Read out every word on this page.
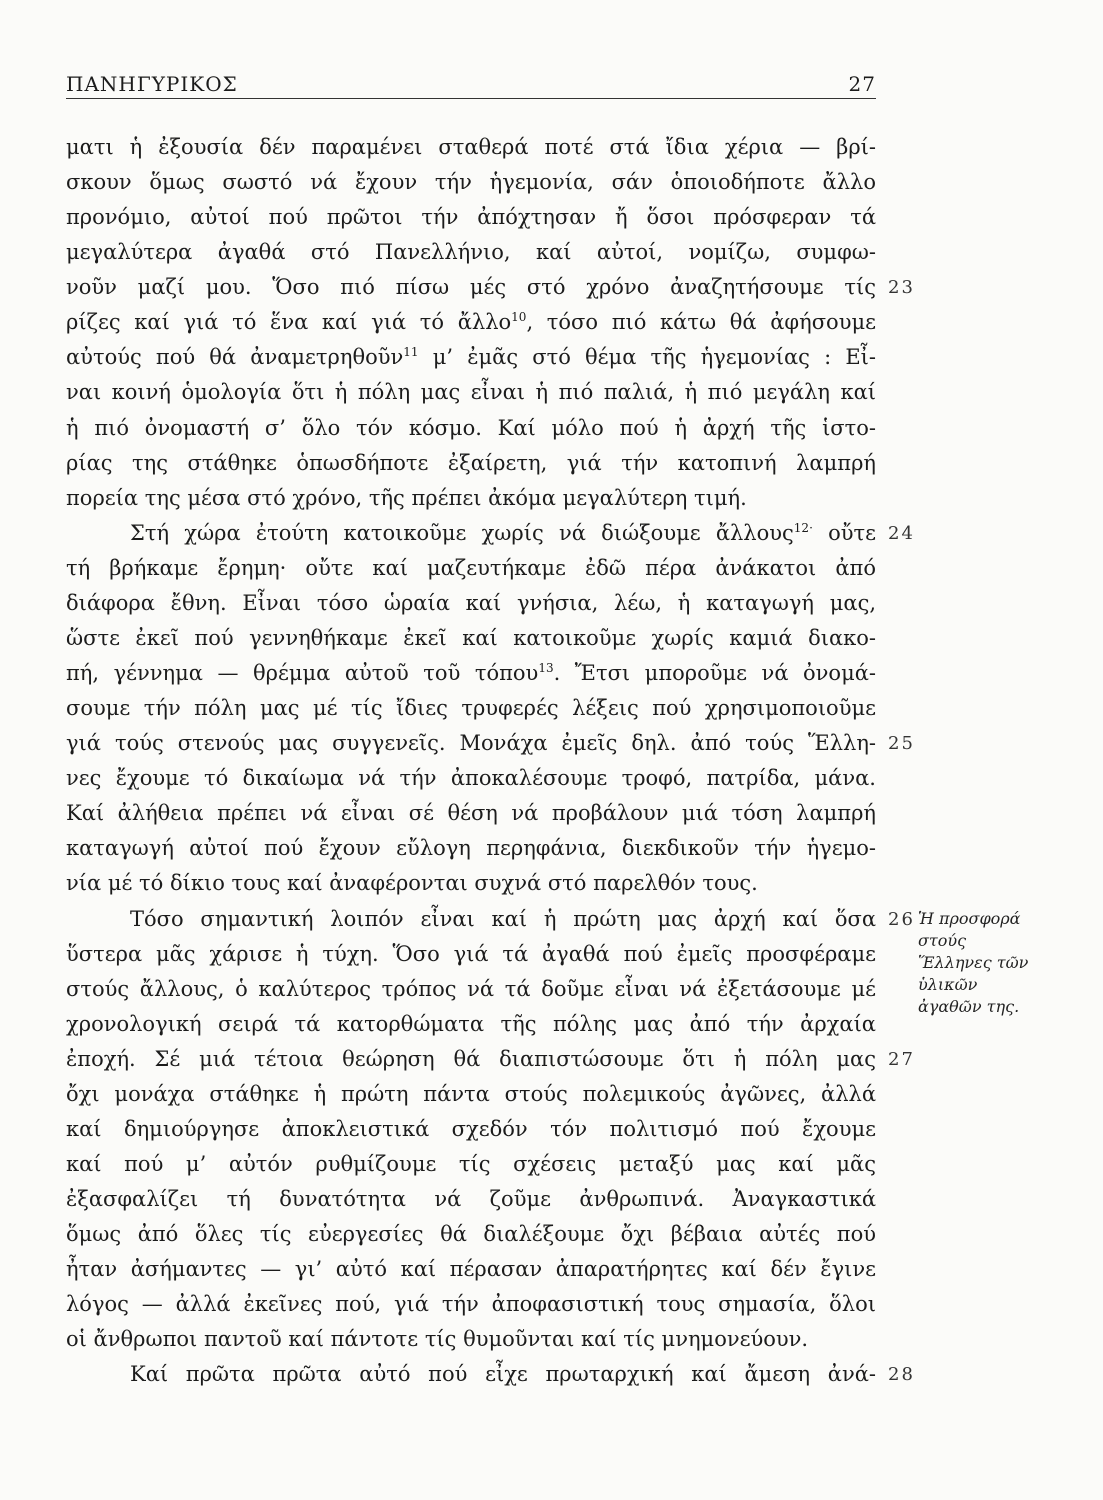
ΠΑΝΗΓΥΡΙΚΟΣ	27
ματι ἡ ἐξουσία δέν παραμένει σταθερά ποτέ στά ἴδια χέρια — βρί-
σκουν ὅμως σωστό νά ἔχουν τήν ἡγεμονία, σάν ὁποιοδήποτε ἄλλο
προνόμιο, αὐτοί πού πρῶτοι τήν ἀπόχτησαν ἤ ὅσοι πρόσφεραν τά
μεγαλύτερα ἀγαθά στό Πανελλήνιο, καί αὐτοί, νομίζω, συμφω-
νοῦν μαζί μου. Ὅσο πιό πίσω μές στό χρόνο ἀναζητήσουμε τίς
ρίζες καί γιά τό ἕνα καί γιά τό ἄλλο$^{10}$, τόσο πιό κάτω θά ἀφήσουμε
αὐτούς πού θά ἀναμετρηθοῦν$^{11}$ μ’ ἐμᾶς στό θέμα τῆς ἡγεμονίας : Εἶ-
ναι κοινή ὁμολογία ὅτι ἡ πόλη μας εἶναι ἡ πιό παλιά, ἡ πιό μεγάλη καί
ἡ πιό ὀνομαστή σ’ ὅλο τόν κόσμο. Καί μόλο πού ἡ ἀρχή τῆς ἱστο-
ρίας της στάθηκε ὁπωσδήποτε ἐξαίρετη, γιά τήν κατοπινή λαμπρή
πορεία της μέσα στό χρόνο, τῆς πρέπει ἀκόμα μεγαλύτερη τιμή.
Στή χώρα ἐτούτη κατοικοῦμε χωρίς νά διώξουμε ἄλλους$^{12\cdot}$ οὔτε
τή βρήκαμε ἔρημη· οὔτε καί μαζευτήκαμε ἐδῶ πέρα ἀνάκατοι ἀπό
διάφορα ἔθνη. Εἶναι τόσο ὡραία καί γνήσια, λέω, ἡ καταγωγή μας,
ὥστε ἐκεῖ πού γεννηθήκαμε ἐκεῖ καί κατοικοῦμε χωρίς καμιά διακο-
πή, γέννημα — θρέμμα αὐτοῦ τοῦ τόπου$^{13}$. Ἔτσι μποροῦμε νά ὀνομά-
σουμε τήν πόλη μας μέ τίς ἴδιες τρυφερές λέξεις πού χρησιμοποιοῦμε
γιά τούς στενούς μας συγγενεῖς. Μονάχα ἐμεῖς δηλ. ἀπό τούς Ἕλλη-
νες ἔχουμε τό δικαίωμα νά τήν ἀποκαλέσουμε τροφό, πατρίδα, μάνα.
Καί ἀλήθεια πρέπει νά εἶναι σέ θέση νά προβάλουν μιά τόση λαμπρή
καταγωγή αὐτοί πού ἔχουν εὔλογη περηφάνια, διεκδικοῦν τήν ἡγεμο-
νία μέ τό δίκιο τους καί ἀναφέρονται συχνά στό παρελθόν τους.
Τόσο σημαντική λοιπόν εἶναι καί ἡ πρώτη μας ἀρχή καί ὅσα
ὕστερα μᾶς χάρισε ἡ τύχη. Ὅσο γιά τά ἀγαθά πού ἐμεῖς προσφέραμε
στούς ἄλλους, ὁ καλύτερος τρόπος νά τά δοῦμε εἶναι νά ἐξετάσουμε μέ
χρονολογική σειρά τά κατορθώματα τῆς πόλης μας ἀπό τήν ἀρχαία
ἐποχή. Σέ μιά τέτοια θεώρηση θά διαπιστώσουμε ὅτι ἡ πόλη μας
ὄχι μονάχα στάθηκε ἡ πρώτη πάντα στούς πολεμικούς ἀγῶνες, ἀλλά
καί δημιούργησε ἀποκλειστικά σχεδόν τόν πολιτισμό πού ἔχουμε
καί πού μ’ αὐτόν ρυθμίζουμε τίς σχέσεις μεταξύ μας καί μᾶς
ἐξασφαλίζει τή δυνατότητα νά ζοῦμε ἀνθρωπινά. Ἀναγκαστικά
ὅμως ἀπό ὅλες τίς εὐεργεσίες θά διαλέξουμε ὄχι βέβαια αὐτές πού
ἦταν ἀσήμαντες — γι’ αὐτό καί πέρασαν ἀπαρατήρητες καί δέν ἔγινε
λόγος — ἀλλά ἐκεῖνες πού, γιά τήν ἀποφασιστική τους σημασία, ὅλοι
οἱ ἄνθρωποι παντοῦ καί πάντοτε τίς θυμοῦνται καί τίς μνημονεύουν.
Καί πρῶτα πρῶτα αὐτό πού εἶχε πρωταρχική καί ἄμεση ἀνά-
23
24
25
26
27
28
Ἡ προσφορά
στούς
Ἕλληνες τῶν
ὑλικῶν
ἀγαθῶν της.
